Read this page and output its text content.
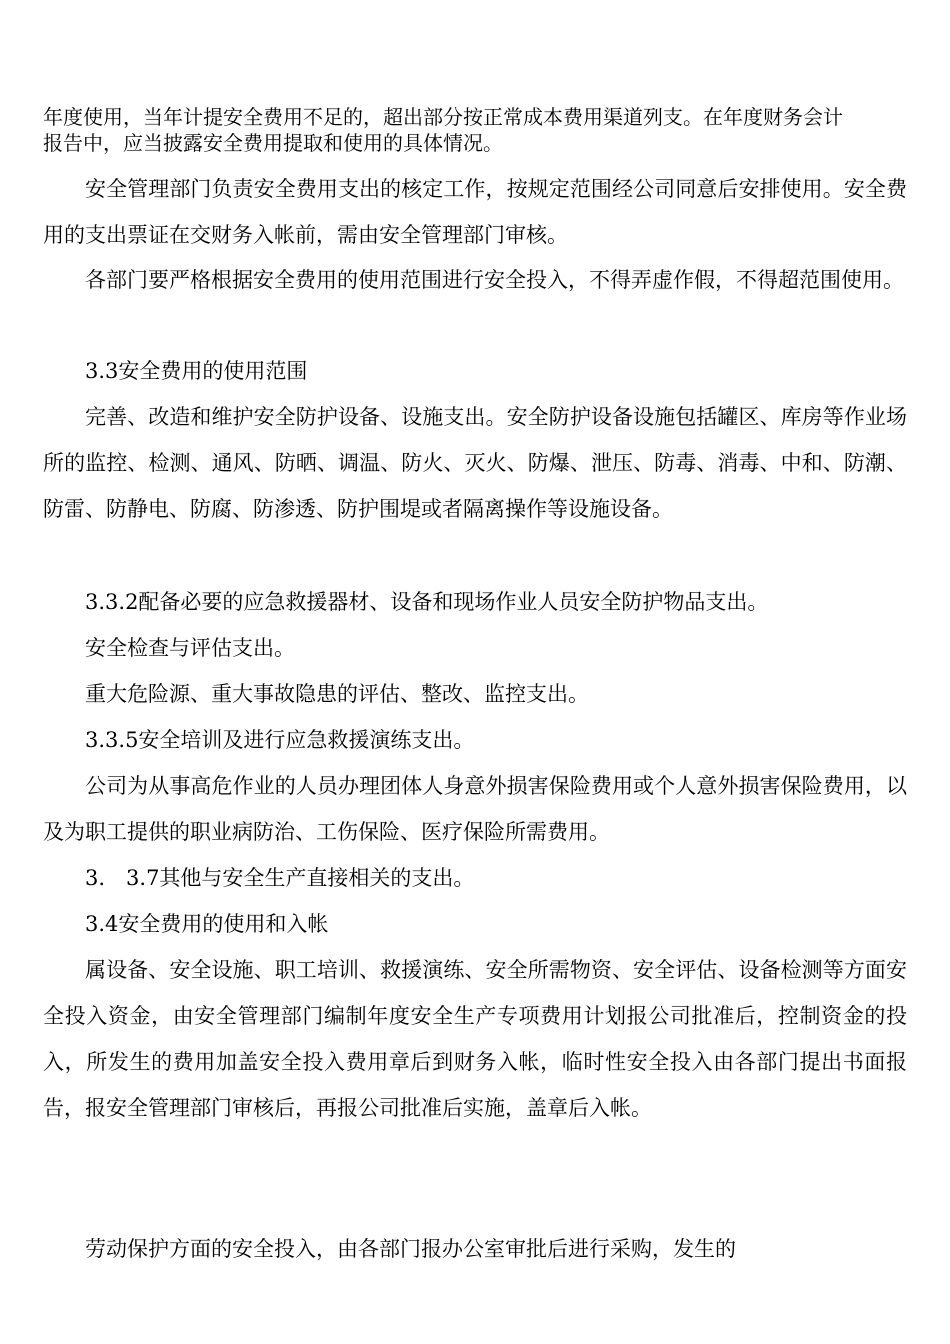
年度使用，当年计提安全费用不足的，超出部分按正常成本费用渠道列支。在年度财务会计报告中，应当披露安全费用提取和使用的具体情况。

安全管理部门负责安全费用支出的核定工作，按规定范围经公司同意后安排使用。安全费用的支出票证在交财务入帐前，需由安全管理部门审核。

各部门要严格根据安全费用的使用范围进行安全投入，不得弄虚作假，不得超范围使用。

3.3安全费用的使用范围

完善、改造和维护安全防护设备、设施支出。安全防护设备设施包括罐区、库房等作业场所的监控、检测、通风、防晒、调温、防火、灭火、防爆、泄压、防毒、消毒、中和、防潮、防雷、防静电、防腐、防渗透、防护围堤或者隔离操作等设施设备。

3.3.2配备必要的应急救援器材、设备和现场作业人员安全防护物品支出。

安全检查与评估支出。

重大危险源、重大事故隐患的评估、整改、监控支出。

3.3.5安全培训及进行应急救援演练支出。

公司为从事高危作业的人员办理团体人身意外损害保险费用或个人意外损害保险费用，以及为职工提供的职业病防治、工伤保险、医疗保险所需费用。

3.　3.7其他与安全生产直接相关的支出。

3.4安全费用的使用和入帐

属设备、安全设施、职工培训、救援演练、安全所需物资、安全评估、设备检测等方面安全投入资金，由安全管理部门编制年度安全生产专项费用计划报公司批准后，控制资金的投入，所发生的费用加盖安全投入费用章后到财务入帐，临时性安全投入由各部门提出书面报告，报安全管理部门审核后，再报公司批准后实施，盖章后入帐。

劳动保护方面的安全投入，由各部门报办公室审批后进行采购，发生的
